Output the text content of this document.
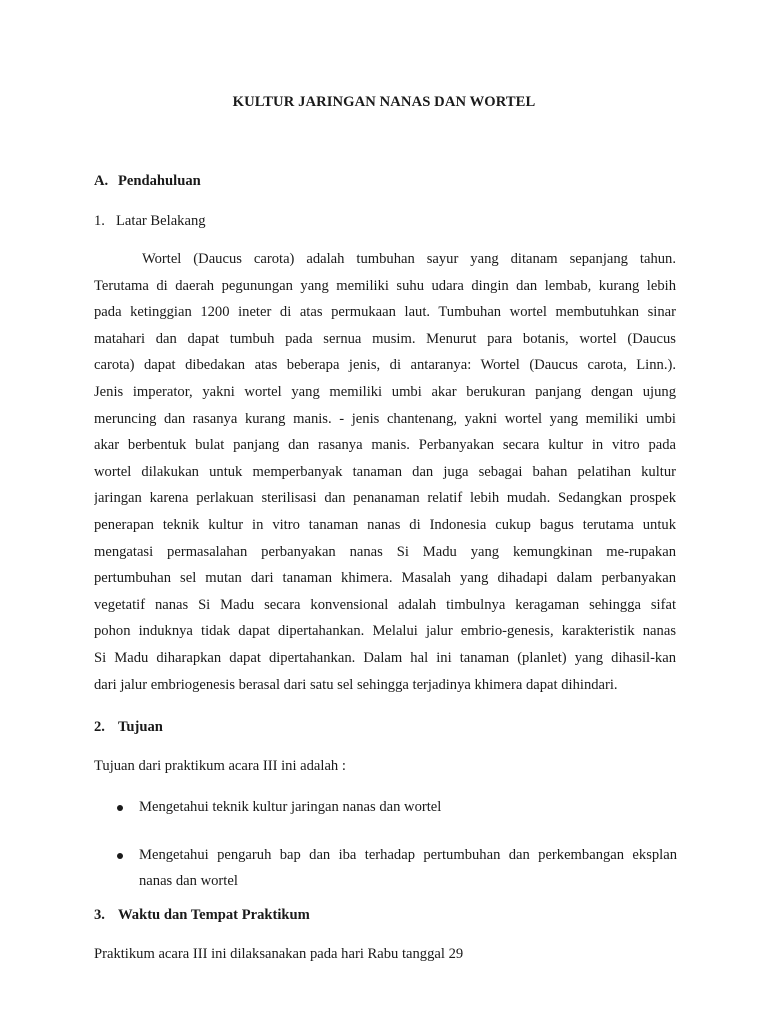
KULTUR JARINGAN NANAS DAN WORTEL
A. Pendahuluan
1. Latar Belakang
Wortel (Daucus carota) adalah tumbuhan sayur yang ditanam sepanjang tahun.
Terutama di daerah pegunungan yang memiliki suhu udara dingin dan lembab, kurang lebih
pada ketinggian 1200 ineter di atas permukaan laut. Tumbuhan wortel membutuhkan sinar
matahari dan dapat tumbuh pada sernua musim. Menurut para botanis, wortel (Daucus
carota) dapat dibedakan atas beberapa jenis, di antaranya: Wortel (Daucus carota, Linn.).
Jenis imperator, yakni wortel yang memiliki umbi akar berukuran panjang dengan ujung
meruncing dan rasanya kurang manis. - jenis chantenang, yakni wortel yang memiliki umbi
akar berbentuk bulat panjang dan rasanya manis. Perbanyakan secara kultur in vitro pada
wortel dilakukan untuk memperbanyak tanaman dan juga sebagai bahan pelatihan kultur
jaringan karena perlakuan sterilisasi dan penanaman relatif lebih mudah. Sedangkan prospek
penerapan teknik kultur in vitro tanaman nanas di Indonesia cukup bagus terutama untuk
mengatasi permasalahan perbanyakan nanas Si Madu yang kemungkinan me-rupakan
pertumbuhan sel mutan dari tanaman khimera. Masalah yang dihadapi dalam perbanyakan
vegetatif nanas Si Madu secara konvensional adalah timbulnya keragaman sehingga sifat
pohon induknya tidak dapat dipertahankan. Melalui jalur embrio-genesis, karakteristik nanas
Si Madu diharapkan dapat dipertahankan. Dalam hal ini tanaman (planlet) yang dihasil-kan
dari jalur embriogenesis berasal dari satu sel sehingga terjadinya khimera dapat dihindari.
2. Tujuan
Tujuan dari praktikum acara III ini adalah :
Mengetahui teknik kultur jaringan nanas dan wortel
Mengetahui pengaruh bap dan iba terhadap pertumbuhan dan perkembangan eksplan
nanas dan wortel
3. Waktu dan Tempat Praktikum
Praktikum acara III ini dilaksanakan pada hari Rabu tanggal 29
